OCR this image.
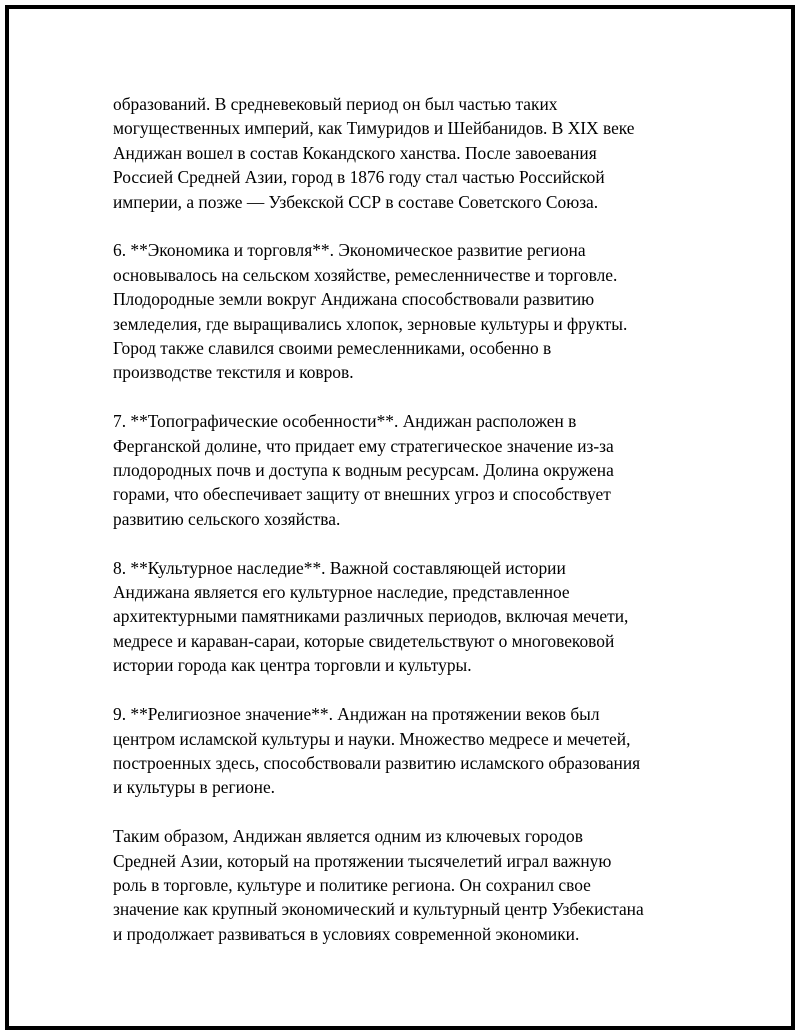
образований. В средневековый период он был частью таких
могущественных империй, как Тимуридов и Шейбанидов. В XIX веке
Андижан вошел в состав Кокандского ханства. После завоевания
Россией Средней Азии, город в 1876 году стал частью Российской
империи, а позже — Узбекской ССР в составе Советского Союза.

6. **Экономика и торговля**. Экономическое развитие региона
основывалось на сельском хозяйстве, ремесленничестве и торговле.
Плодородные земли вокруг Андижана способствовали развитию
земледелия, где выращивались хлопок, зерновые культуры и фрукты.
Город также славился своими ремесленниками, особенно в
производстве текстиля и ковров.

7. **Топографические особенности**. Андижан расположен в
Ферганской долине, что придает ему стратегическое значение из-за
плодородных почв и доступа к водным ресурсам. Долина окружена
горами, что обеспечивает защиту от внешних угроз и способствует
развитию сельского хозяйства.

8. **Культурное наследие**. Важной составляющей истории
Андижана является его культурное наследие, представленное
архитектурными памятниками различных периодов, включая мечети,
медресе и караван-сараи, которые свидетельствуют о многовековой
истории города как центра торговли и культуры.

9. **Религиозное значение**. Андижан на протяжении веков был
центром исламской культуры и науки. Множество медресе и мечетей,
построенных здесь, способствовали развитию исламского образования
и культуры в регионе.

Таким образом, Андижан является одним из ключевых городов
Средней Азии, который на протяжении тысячелетий играл важную
роль в торговле, культуре и политике региона. Он сохранил свое
значение как крупный экономический и культурный центр Узбекистана
и продолжает развиваться в условиях современной экономики.
